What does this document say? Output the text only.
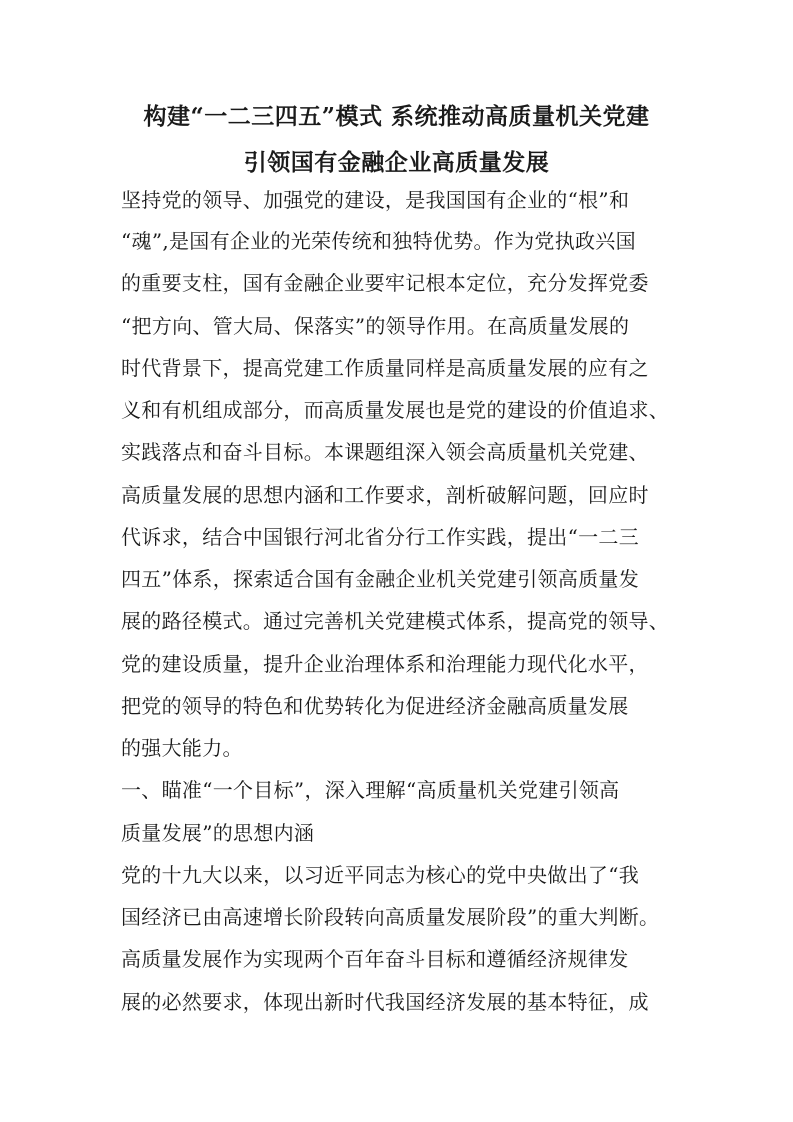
构建“一二三四五”模式 系统推动高质量机关党建
引领国有金融企业高质量发展
坚持党的领导、加强党的建设，是我国国有企业的“根”和
“魂”,是国有企业的光荣传统和独特优势。作为党执政兴国
的重要支柱，国有金融企业要牢记根本定位，充分发挥党委
“把方向、管大局、保落实”的领导作用。在高质量发展的
时代背景下，提高党建工作质量同样是高质量发展的应有之
义和有机组成部分，而高质量发展也是党的建设的价值追求、
实践落点和奋斗目标。本课题组深入领会高质量机关党建、
高质量发展的思想内涵和工作要求，剖析破解问题，回应时
代诉求，结合中国银行河北省分行工作实践，提出“一二三
四五”体系，探索适合国有金融企业机关党建引领高质量发
展的路径模式。通过完善机关党建模式体系，提高党的领导、
党的建设质量，提升企业治理体系和治理能力现代化水平，
把党的领导的特色和优势转化为促进经济金融高质量发展
的强大能力。
一、瞄准“一个目标”，深入理解“高质量机关党建引领高
质量发展”的思想内涵
党的十九大以来，以习近平同志为核心的党中央做出了“我
国经济已由高速增长阶段转向高质量发展阶段”的重大判断。
高质量发展作为实现两个百年奋斗目标和遵循经济规律发
展的必然要求，体现出新时代我国经济发展的基本特征，成
